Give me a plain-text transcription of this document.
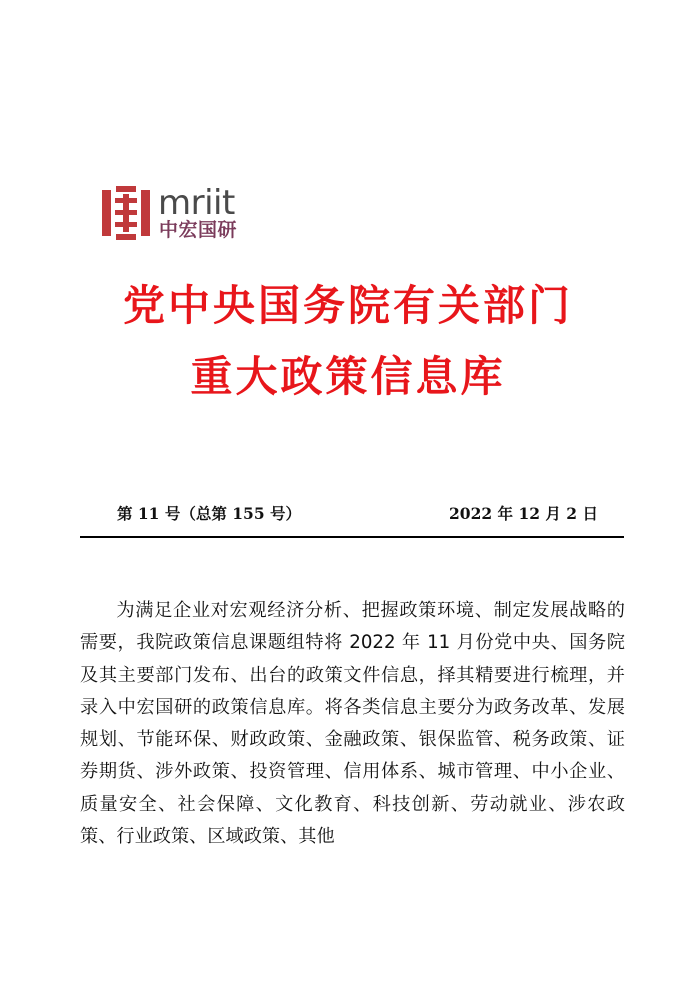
mriit
中宏国研
党中央国务院有关部门
重大政策信息库
第 11 号（总第 155 号）	2022 年 12 月 2 日
为满足企业对宏观经济分析、把握政策环境、制定发展战略的需要，我院政策信息课题组特将 2022 年 11 月份党中央、国务院及其主要部门发布、出台的政策文件信息，择其精要进行梳理，并录入中宏国研的政策信息库。将各类信息主要分为政务改革、发展规划、节能环保、财政政策、金融政策、银保监管、税务政策、证券期货、涉外政策、投资管理、信用体系、城市管理、中小企业、质量安全、社会保障、文化教育、科技创新、劳动就业、涉农政策、行业政策、区域政策、其他
